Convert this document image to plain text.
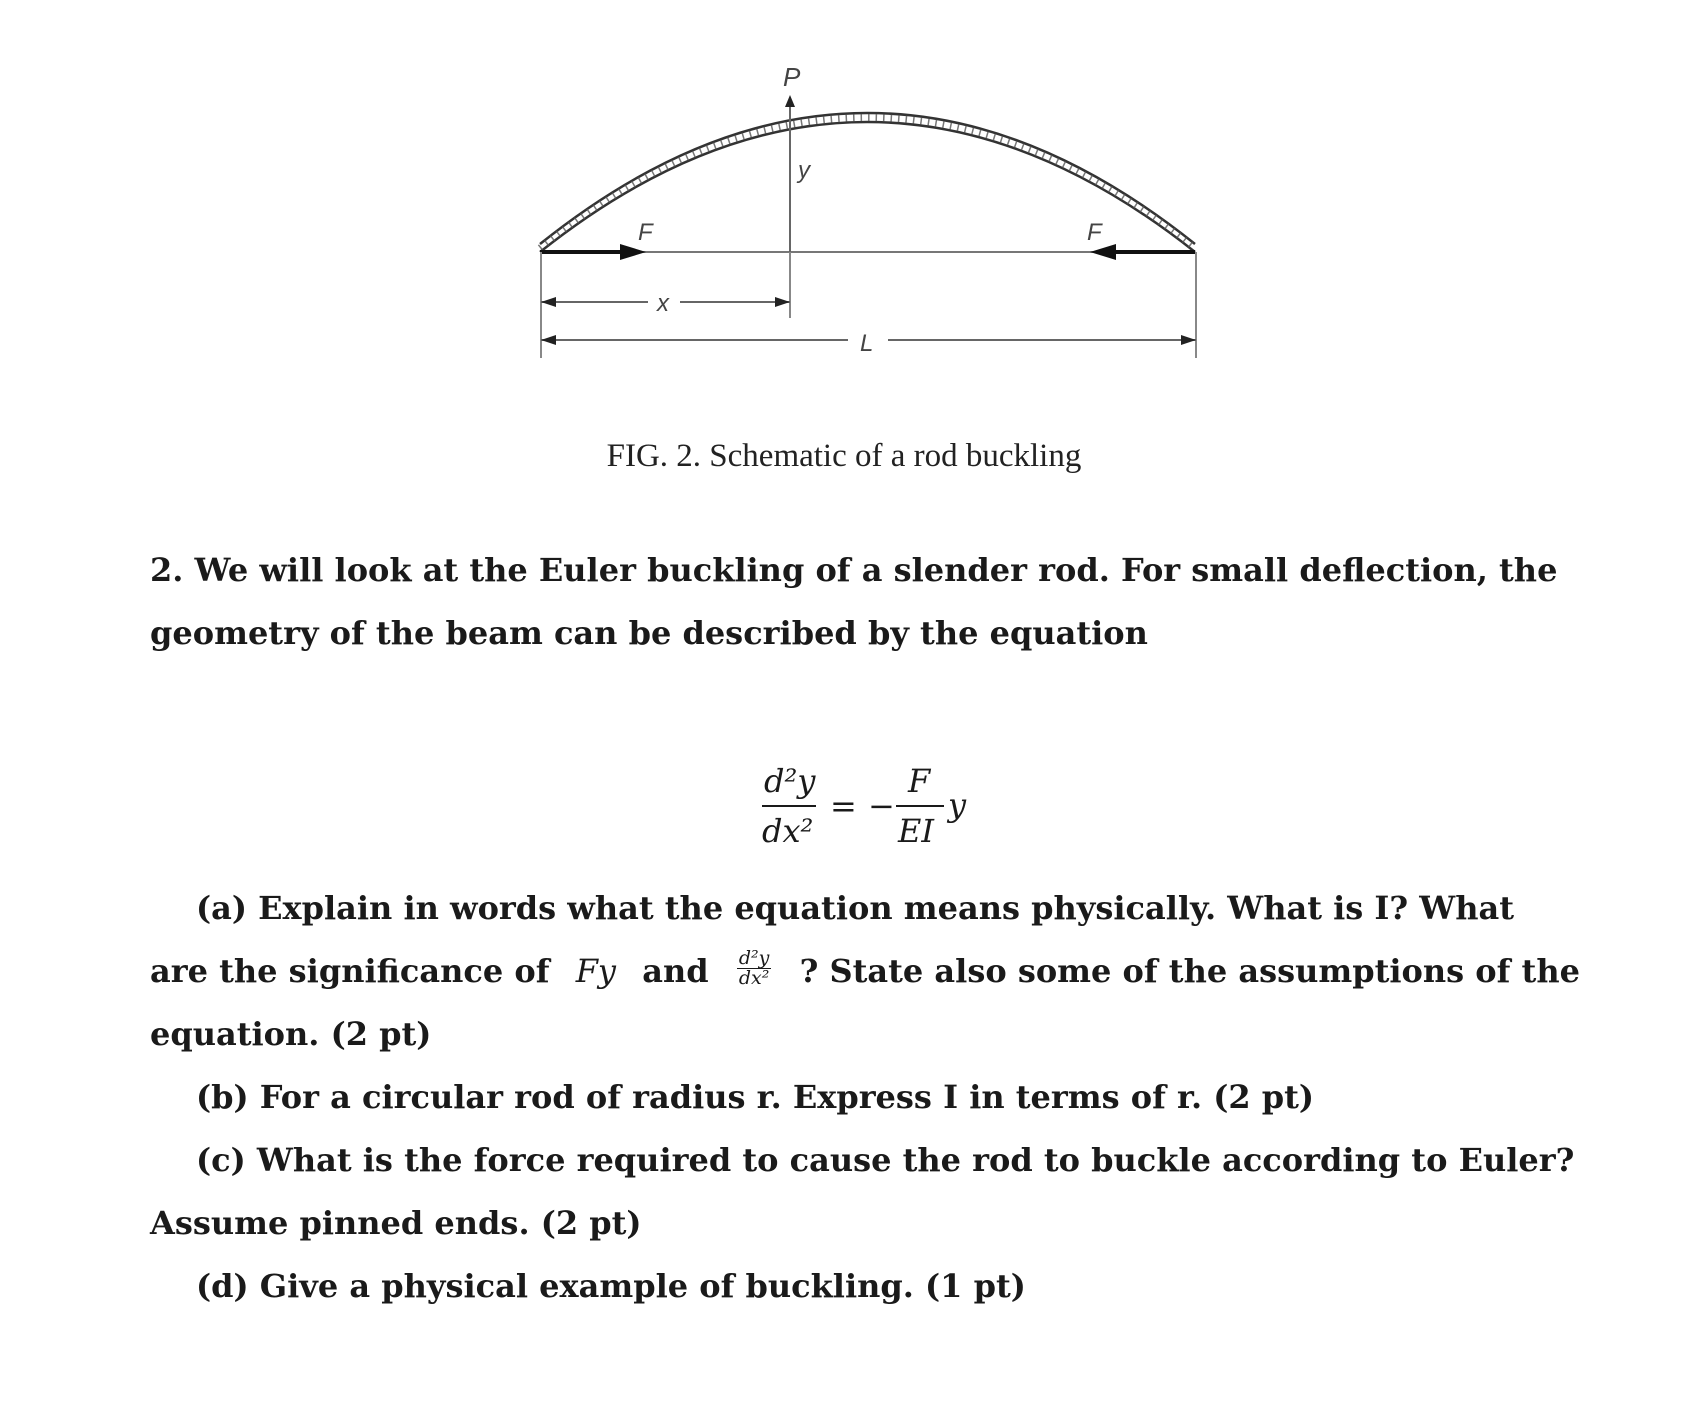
P
y
F	F
x
L
FIG. 2. Schematic of a rod buckling
2. We will look at the Euler buckling of a slender rod. For small deflection, the
geometry of the beam can be described by the equation
d²y
dx²
= −
F
EI
y
(a) Explain in words what the equation means physically. What is I? What
are the significance of Fy and $\frac{\text{d²y}}{\text{dx²}}$ ? State also some of the assumptions of the
equation. (2 pt)
(b) For a circular rod of radius r. Express I in terms of r. (2 pt)
(c) What is the force required to cause the rod to buckle according to Euler?
Assume pinned ends. (2 pt)
(d) Give a physical example of buckling. (1 pt)
